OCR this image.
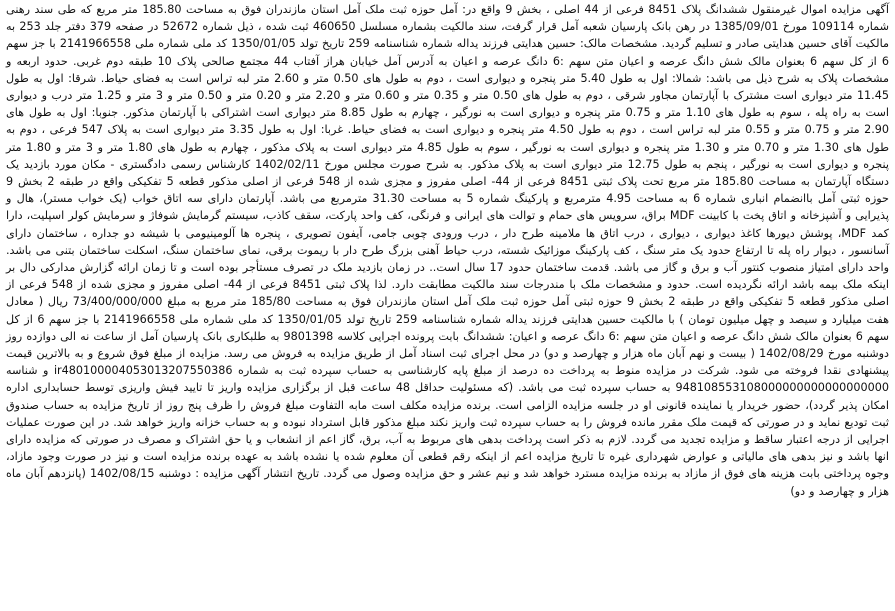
آگهی مزایده اموال غیرمنقول ششدانگ پلاک 8451 فرعی از 44 اصلی ، بخش 9 واقع در: آمل حوزه ثبت ملک آمل استان مازندران فوق به مساحت 185.80 متر مربع که طی سند رهنی شماره 109114 مورخ 1385/09/01 در رهن بانک پارسیان شعبه آمل قرار گرفت، سند مالکیت بشماره مسلسل 460650 ثبت شده ، ذیل شماره 52672 در صفحه 379 دفتر جلد 253 به مالکیت آقای حسین هدایتی صادر و تسلیم گردید. مشخصات مالک: حسین هدایتی فرزند یداله شماره شناسنامه 259 تاریخ تولد 1350/01/05 کد ملی شماره ملی 2141966558 با جز سهم 6 از کل سهم 6 بعنوان مالک شش دانگ عرصه و اعیان متن سهم :6 دانگ عرصه و اعیان به آدرس آمل خیابان هراز آفتاب 44 مجتمع صالحی پلاک 10 طبقه دوم غربی. حدود اربعه و مشخصات پلاک به شرح ذیل می باشد: شمالا: اول به طول 5.40 متر پنجره و دیواری است ، دوم به طول های 0.50 متر و 2.60 متر لبه تراس است به فضای حیاط. شرقا: اول به طول 11.45 متر دیواری است مشترک با آپارتمان مجاور شرقی ، دوم به طول های 0.50 متر و 0.35 متر و 0.60 متر و 2.20 متر و 0.20 متر و 0.50 متر و 3 متر و 1.25 متر درب و دیواری است به راه پله ، سوم به طول های 1.10 متر و 0.75 متر پنجره و دیواری است به نورگیر ، چهارم به طول 8.85 متر دیواری است اشتراکی با آپارتمان مذکور. جنوبا: اول به طول های 2.90 متر و 0.75 متر و 0.55 متر لبه تراس است ، دوم به طول 4.50 متر پنجره و دیواری است به فضای حیاط. غربا: اول به طول 3.35 متر دیواری است به پلاک 547 فرعی ، دوم به طول های 1.30 متر و 0.70 متر و 1.30 متر پنجره و دیواری است به نورگیر ، سوم به طول 4.85 متر دیواری است به پلاک مذکور ، چهارم به طول های 1.80 متر و 3 متر و 1.80 متر پنجره و دیواری است به نورگیر ، پنجم به طول 12.75 متر دیواری است به پلاک مذکور. به شرح صورت مجلس مورخ 1402/02/11 کارشناس رسمی دادگستری - مکان مورد بازدید یک دستگاه آپارتمان به مساحت 185.80 متر مربع تحت پلاک ثبتی 8451 فرعی از 44- اصلی مفروز و مجزی شده از 548 فرعی از اصلی مذکور قطعه 5 تفکیکی واقع در طبقه 2 بخش 9 حوزه ثبتی آمل باانضمام انباری شماره 6 به مساحت 4.95 مترمربع و پارکینگ شماره 5 به مساحت 31.30 مترمربع می باشد. آپارتمان دارای سه اتاق خواب (یک خواب مستر)، هال و پذیرایی و آشپزخانه و اتاق پخت با کابینت MDF براق، سرویس های حمام و توالت های ایرانی و فرنگی، کف واحد پارکت، سقف کاذب، سیستم گرمایش شوفاژ و سرمایش کولر اسپلیت، دارا کمد MDF، پوشش دیورها کاغذ دیواری ، دیواری ، درب اتاق ها ملامینه طرح دار ، درب ورودی چوبی جامی، آیفون تصویری ، پنجره ها آلومینیومی با شیشه دو جداره ، ساختمان دارای آسانسور ، دیوار راه پله تا ارتفاع حدود یک متر سنگ ، کف پارکینگ موزائیک شسته، درب حیاط آهنی بزرگ طرح دار با ریموت برقی، نمای ساختمان سنگ، اسکلت ساختمان بتنی می باشد. واحد دارای امتیاز منصوب کنتور آب و برق و گاز می باشد. قدمت ساختمان حدود 17 سال است.. در زمان بازدید ملک در تصرف مستأجر بوده است و تا زمان ارائه گزارش مدارکی دال بر اینکه ملک بیمه باشد ارائه نگردیده است. حدود و مشخصات ملک با مندرجات سند مالکیت مطابقت دارد. لذا پلاک ثبتی 8451 فرعی از 44- اصلی مفروز و مجزی شده از 548 فرعی از اصلی مذکور قطعه 5 تفکیکی واقع در طبقه 2 بخش 9 حوزه ثبتی آمل حوزه ثبت ملک آمل استان مازندران فوق به مساحت 185/80 متر مربع به مبلغ 73/400/000/000 ریال ( معادل هفت میلیارد و سیصد و چهل میلیون تومان ) با مالکیت حسین هدایتی فرزند یداله شماره شناسنامه 259 تاریخ تولد 1350/01/05 کد ملی شماره ملی 2141966558 با جز سهم 6 از کل سهم 6 بعنوان مالک شش دانگ عرصه و اعیان متن سهم :6 دانگ عرصه و اعیان: ششدانگ بابت پرونده اجرایی کلاسه 9801398 به طلبکاری بانک پارسیان آمل از ساعت نه الی دوازده روز دوشنبه مورخ 1402/08/29 ( بیست و نهم آبان ماه هزار و چهارصد و دو) در محل اجرای ثبت اسناد آمل از طریق مزایده به فروش می رسد. مزایده از مبلغ فوق شروع و به بالاترین قیمت پیشنهادی نقدا فروخته می شود. شرکت در مزایده منوط به پرداخت ده درصد از مبلغ پایه کارشناسی به حساب سپرده ثبت به شماره ir480100004053013207550386 و شناسه 948108553108000000000000000000 به حساب سپرده ثبت می باشد. (که مسئولیت حداقل 48 ساعت قبل از برگزاری مزایده واریز تا تایید فیش واریزی توسط حسابداری اداره امکان پذیر گردد)، حضور خریدار یا نماینده قانونی او در جلسه مزایده الزامی است. برنده مزایده مکلف است مابه التفاوت مبلغ فروش را ظرف پنج روز از تاریخ مزایده به حساب صندوق ثبت تودیع نماید و در صورتی که قیمت ملک مقرر مانده فروش را به حساب سپرده ثبت واریز نکند مبلغ مذکور قابل استرداد نبوده و به حساب خزانه واریز خواهد شد. در این صورت عملیات اجرایی از درجه اعتبار ساقط و مزایده تجدید می گردد. لازم به ذکر است پرداخت بدهی های مربوط به آب، برق، گاز اعم از انشعاب و یا حق اشتراک و مصرف در صورتی که مزایده دارای انها باشد و نیز بدهی های مالیاتی و عوارض شهرداری غیره تا تاریخ مزایده اعم از اینکه رقم قطعی آن معلوم شده یا نشده باشد به عهده برنده مزایده است و نیز در صورت وجود مازاد، وجوه پرداختی بابت هزینه های فوق از مازاد به برنده مزایده مسترد خواهد شد و نیم عشر و حق مزایده وصول می گردد. تاریخ انتشار آگهی مزایده : دوشنبه 1402/08/15 (پانزدهم آبان ماه هزار و چهارصد و دو)
